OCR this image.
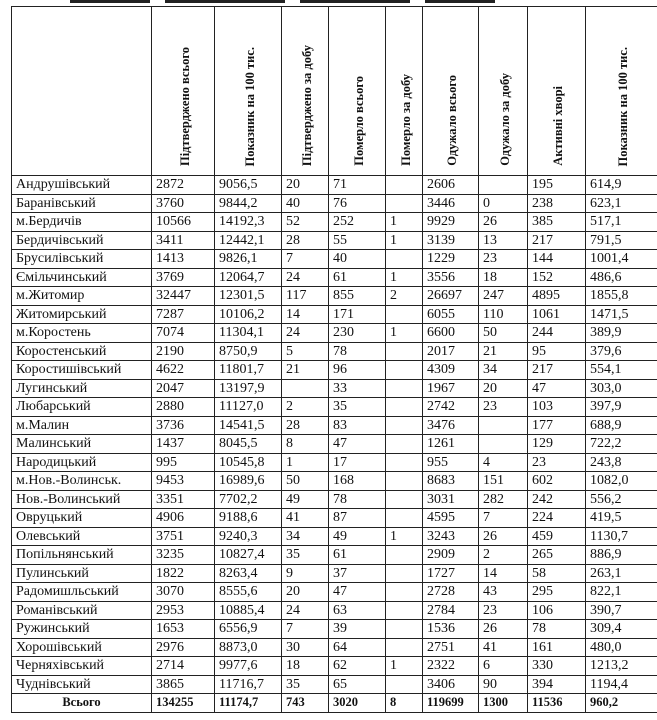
	Підтверджено всього	Показник на 100 тис.	Підтверджено за добу	Померло всього	Померло за добу	Одужало всього	Одужало за добу	Активні хворі	Показник на 100 тис.
Андрушівський	2872	9056,5	20	71		2606		195	614,9
Баранівський	3760	9844,2	40	76		3446	0	238	623,1
м.Бердичів	10566	14192,3	52	252	1	9929	26	385	517,1
Бердичівський	3411	12442,1	28	55	1	3139	13	217	791,5
Брусилівський	1413	9826,1	7	40		1229	23	144	1001,4
Ємільчинський	3769	12064,7	24	61	1	3556	18	152	486,6
м.Житомир	32447	12301,5	117	855	2	26697	247	4895	1855,8
Житомирський	7287	10106,2	14	171		6055	110	1061	1471,5
м.Коростень	7074	11304,1	24	230	1	6600	50	244	389,9
Коростенський	2190	8750,9	5	78		2017	21	95	379,6
Коростишівський	4622	11801,7	21	96		4309	34	217	554,1
Лугинський	2047	13197,9		33		1967	20	47	303,0
Любарський	2880	11127,0	2	35		2742	23	103	397,9
м.Малин	3736	14541,5	28	83		3476		177	688,9
Малинський	1437	8045,5	8	47		1261		129	722,2
Народицький	995	10545,8	1	17		955	4	23	243,8
м.Нов.-Волинськ.	9453	16989,6	50	168		8683	151	602	1082,0
Нов.-Волинський	3351	7702,2	49	78		3031	282	242	556,2
Овруцький	4906	9188,6	41	87		4595	7	224	419,5
Олевський	3751	9240,3	34	49	1	3243	26	459	1130,7
Попільнянський	3235	10827,4	35	61		2909	2	265	886,9
Пулинський	1822	8263,4	9	37		1727	14	58	263,1
Радомишльський	3070	8555,6	20	47		2728	43	295	822,1
Романівський	2953	10885,4	24	63		2784	23	106	390,7
Ружинський	1653	6556,9	7	39		1536	26	78	309,4
Хорошівський	2976	8873,0	30	64		2751	41	161	480,0
Черняхівський	2714	9977,6	18	62	1	2322	6	330	1213,2
Чуднівський	3865	11716,7	35	65		3406	90	394	1194,4
Всього	134255	11174,7	743	3020	8	119699	1300	11536	960,2
